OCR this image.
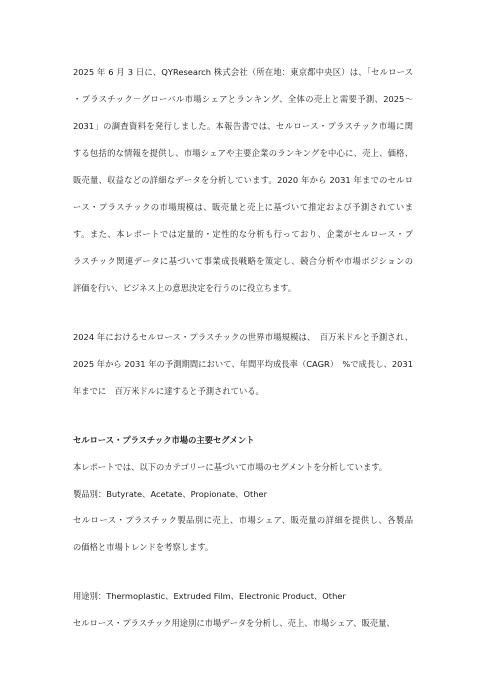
2025 年 6 月 3 日に、QYResearch 株式会社（所在地：東京都中央区）は、「セルロース
・プラスチック－グローバル市場シェアとランキング、全体の売上と需要予測、2025～
2031」の調査資料を発行しました。本報告書では、セルロース・プラスチック市場に関
する包括的な情報を提供し、市場シェアや主要企業のランキングを中心に、売上、価格、
販売量、収益などの詳細なデータを分析しています。2020 年から 2031 年までのセルロ
ース・プラスチックの市場規模は、販売量と売上に基づいて推定および予測されていま
す。また、本レポートでは定量的・定性的な分析も行っており、企業がセルロース・プ
ラスチック関連データに基づいて事業成長戦略を策定し、競合分析や市場ポジションの
評価を行い、ビジネス上の意思決定を行うのに役立ちます。
2024 年におけるセルロース・プラスチックの世界市場規模は、　百万米ドルと予測され、
2025 年から 2031 年の予測期間において、年間平均成長率（CAGR）　%で成長し、2031
年までに　百万米ドルに達すると予測されている。
セルロース・プラスチック市場の主要セグメント
本レポートでは、以下のカテゴリーに基づいて市場のセグメントを分析しています。
製品別：Butyrate、Acetate、Propionate、Other
セルロース・プラスチック製品別に売上、市場シェア、販売量の詳細を提供し、各製品
の価格と市場トレンドを考察します。
用途別：Thermoplastic、Extruded Film、Electronic Product、Other
セルロース・プラスチック用途別に市場データを分析し、売上、市場シェア、販売量、
